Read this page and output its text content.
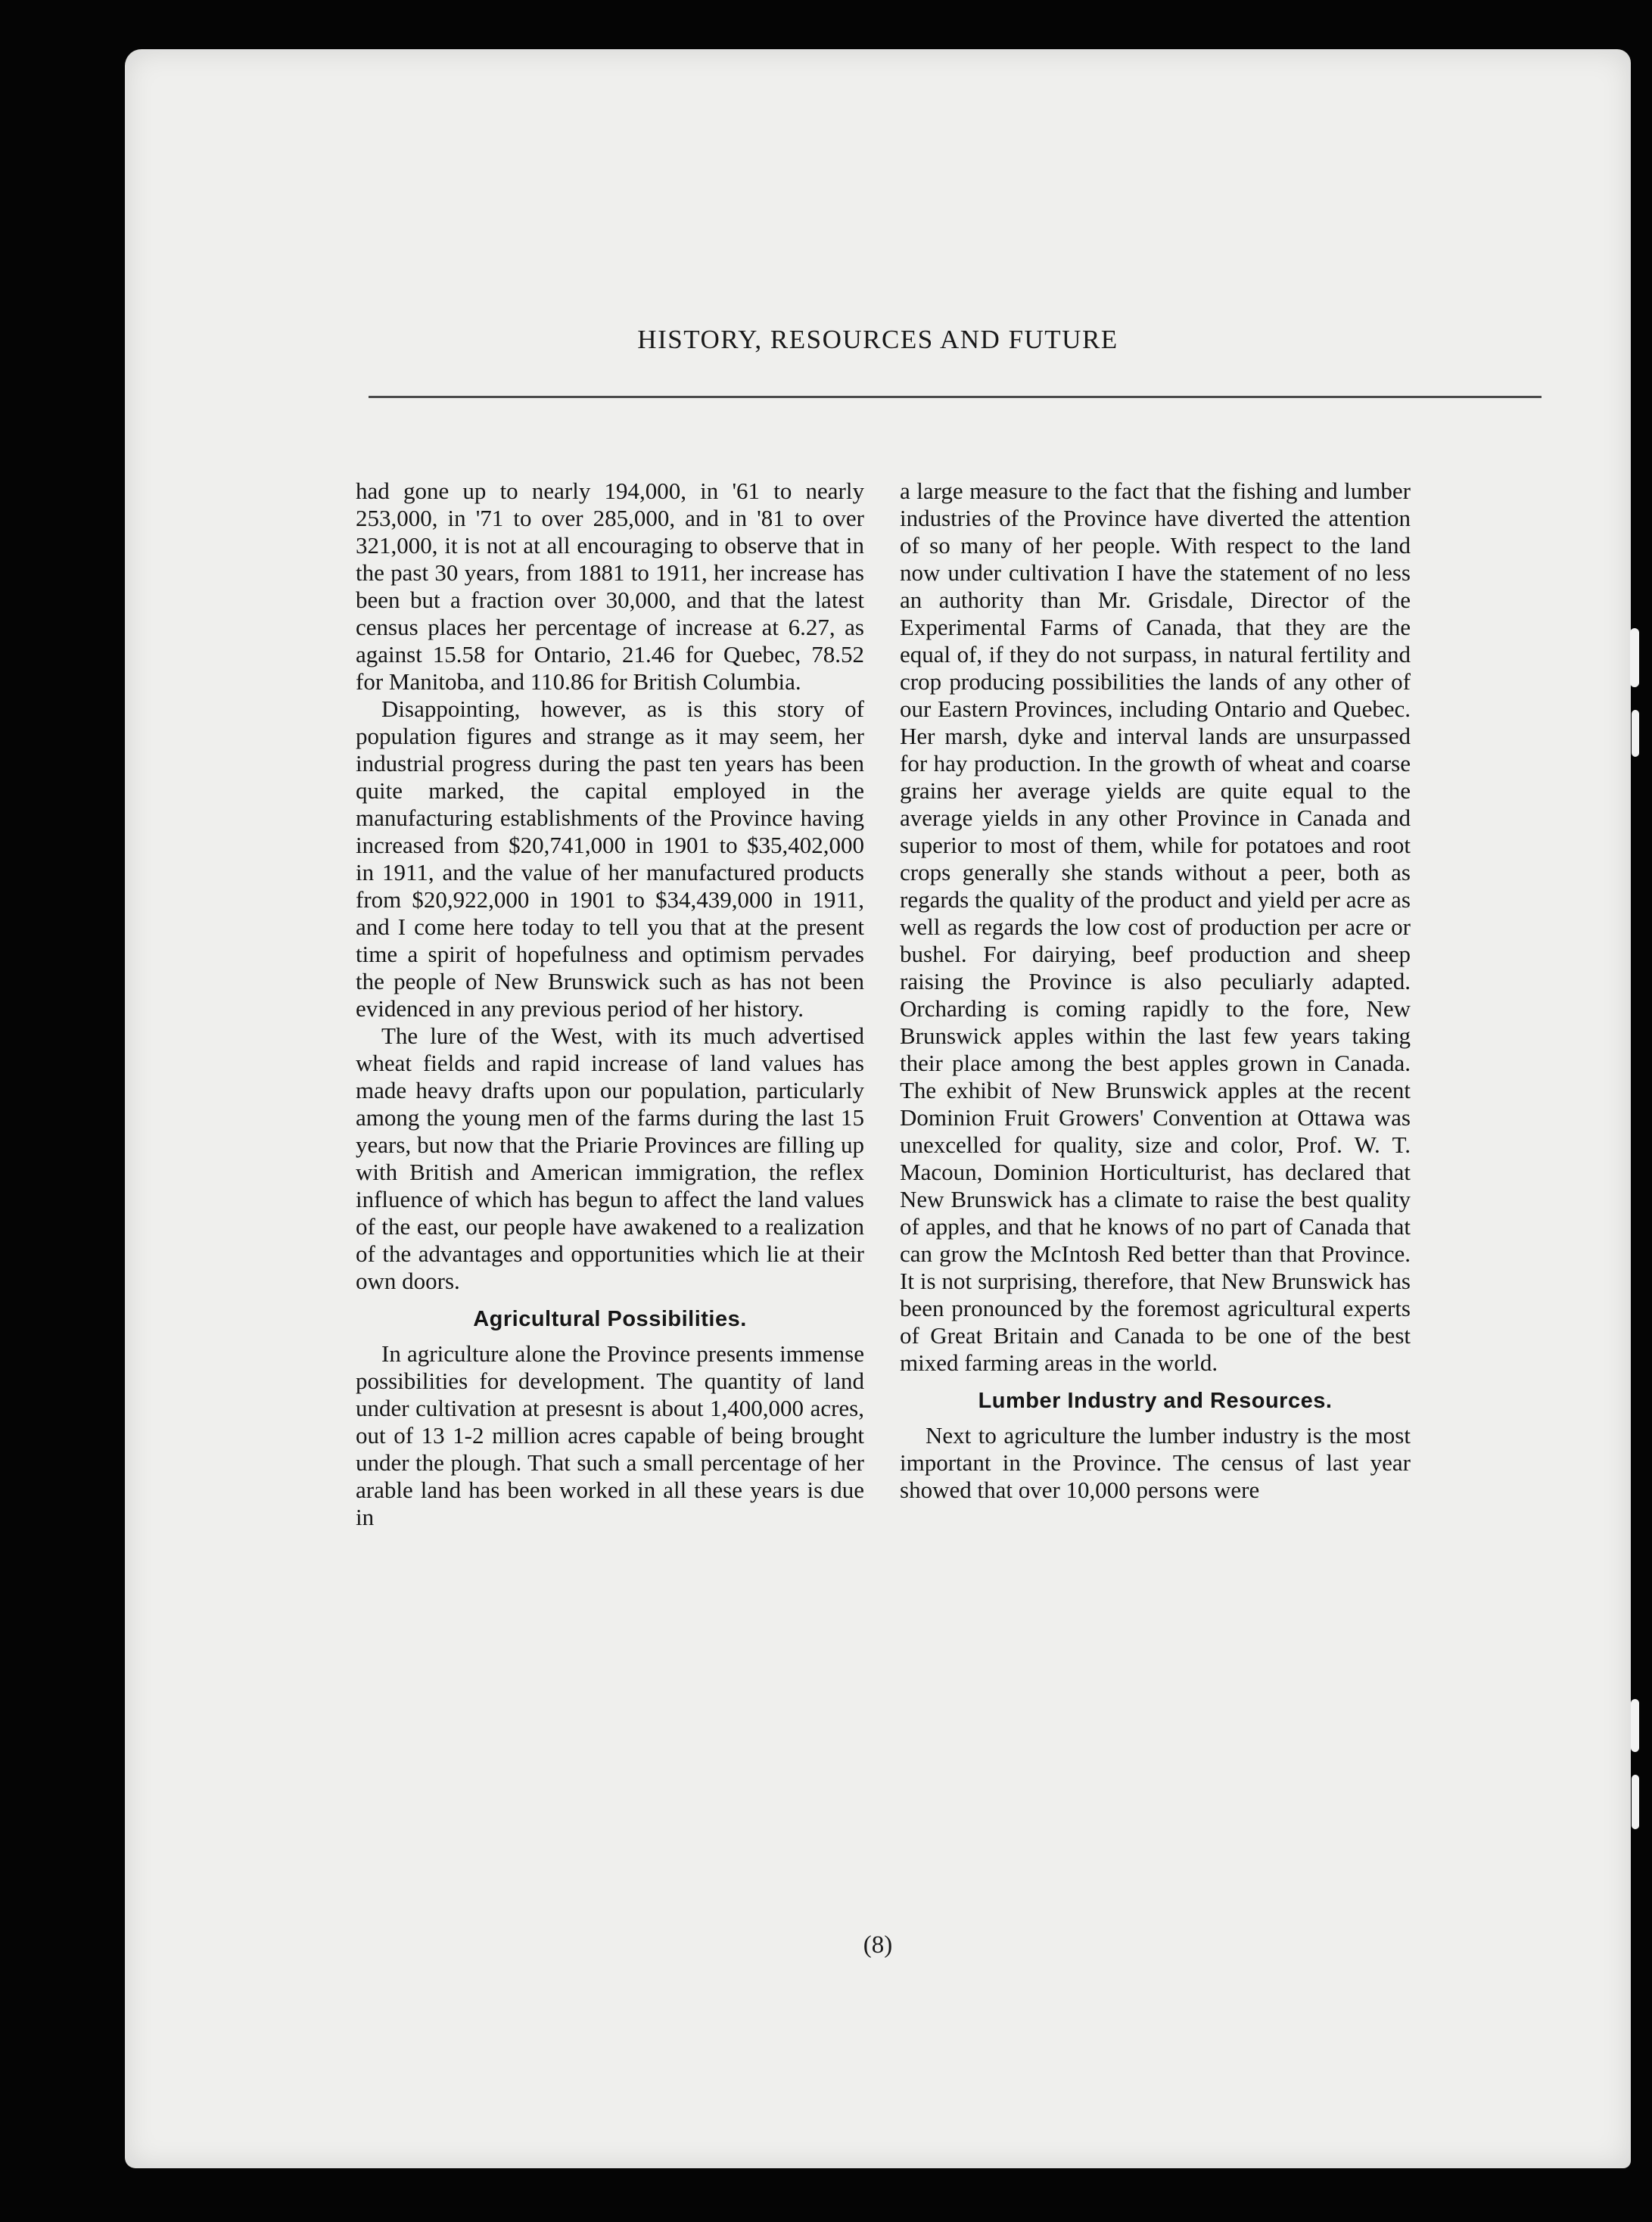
HISTORY, RESOURCES AND FUTURE

had gone up to nearly 194,000, in '61 to nearly 253,000, in '71 to over 285,000, and in '81 to over 321,000, it is not at all encouraging to observe that in the past 30 years, from 1881 to 1911, her increase has been but a fraction over 30,000, and that the latest census places her percentage of increase at 6.27, as against 15.58 for Ontario, 21.46 for Quebec, 78.52 for Manitoba, and 110.86 for British Columbia.

Disappointing, however, as is this story of population figures and strange as it may seem, her industrial progress during the past ten years has been quite marked, the capital employed in the manufacturing establishments of the Province having increased from $20,741,000 in 1901 to $35,402,000 in 1911, and the value of her manufactured products from $20,922,000 in 1901 to $34,439,000 in 1911, and I come here today to tell you that at the present time a spirit of hopefulness and optimism pervades the people of New Brunswick such as has not been evidenced in any previous period of her history.

The lure of the West, with its much advertised wheat fields and rapid increase of land values has made heavy drafts upon our population, particularly among the young men of the farms during the last 15 years, but now that the Priarie Provinces are filling up with British and American immigration, the reflex influence of which has begun to affect the land values of the east, our people have awakened to a realization of the advantages and opportunities which lie at their own doors.

Agricultural Possibilities.

In agriculture alone the Province presents immense possibilities for development. The quantity of land under cultivation at presesnt is about 1,400,000 acres, out of 13 1-2 million acres capable of being brought under the plough. That such a small percentage of her arable land has been worked in all these years is due in

a large measure to the fact that the fishing and lumber industries of the Province have diverted the attention of so many of her people. With respect to the land now under cultivation I have the statement of no less an authority than Mr. Grisdale, Director of the Experimental Farms of Canada, that they are the equal of, if they do not surpass, in natural fertility and crop producing possibilities the lands of any other of our Eastern Provinces, including Ontario and Quebec. Her marsh, dyke and interval lands are unsurpassed for hay production. In the growth of wheat and coarse grains her average yields are quite equal to the average yields in any other Province in Canada and superior to most of them, while for potatoes and root crops generally she stands without a peer, both as regards the quality of the product and yield per acre as well as regards the low cost of production per acre or bushel. For dairying, beef production and sheep raising the Province is also peculiarly adapted. Orcharding is coming rapidly to the fore, New Brunswick apples within the last few years taking their place among the best apples grown in Canada. The exhibit of New Brunswick apples at the recent Dominion Fruit Growers' Convention at Ottawa was unexcelled for quality, size and color, Prof. W. T. Macoun, Dominion Horticulturist, has declared that New Brunswick has a climate to raise the best quality of apples, and that he knows of no part of Canada that can grow the McIntosh Red better than that Province. It is not surprising, therefore, that New Brunswick has been pronounced by the foremost agricultural experts of Great Britain and Canada to be one of the best mixed farming areas in the world.

Lumber Industry and Resources.

Next to agriculture the lumber industry is the most important in the Province. The census of last year showed that over 10,000 persons were

(8)
